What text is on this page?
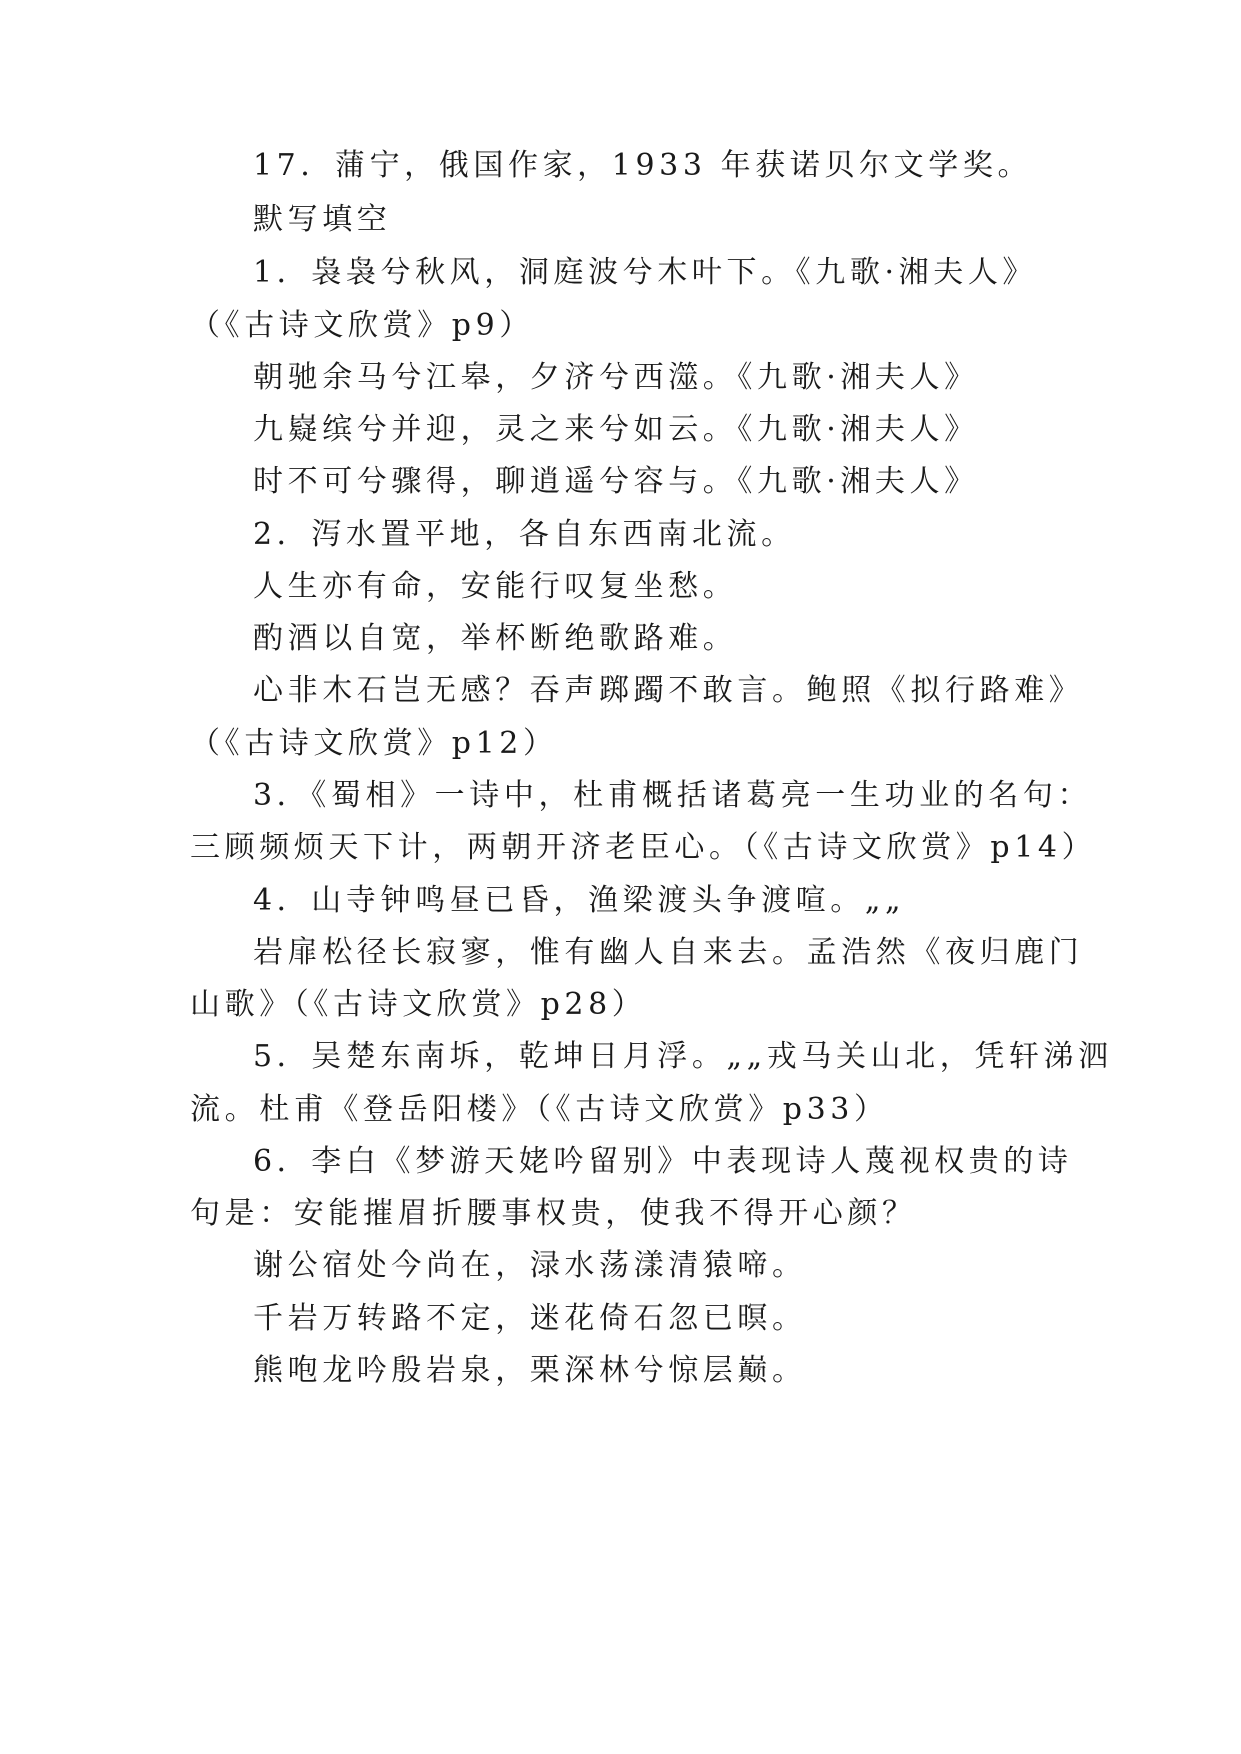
17．蒲宁，俄国作家，1933 年获诺贝尔文学奖。
默写填空
1．袅袅兮秋风，洞庭波兮木叶下。《九歌·湘夫人》
（《古诗文欣赏》p9）
朝驰余马兮江皋，夕济兮西澨。《九歌·湘夫人》
九嶷缤兮并迎，灵之来兮如云。《九歌·湘夫人》
时不可兮骤得，聊逍遥兮容与。《九歌·湘夫人》
2．泻水置平地，各自东西南北流。
人生亦有命，安能行叹复坐愁。
酌酒以自宽，举杯断绝歌路难。
心非木石岂无感？吞声踯躅不敢言。鲍照《拟行路难》
（《古诗文欣赏》p12）
3．《蜀相》一诗中，杜甫概括诸葛亮一生功业的名句：
三顾频烦天下计，两朝开济老臣心。（《古诗文欣赏》p14）
4．山寺钟鸣昼已昏，渔梁渡头争渡喧。„„
岩扉松径长寂寥，惟有幽人自来去。孟浩然《夜归鹿门
山歌》（《古诗文欣赏》p28）
5．吴楚东南坼，乾坤日月浮。„„戎马关山北，凭轩涕泗
流。杜甫《登岳阳楼》（《古诗文欣赏》p33）
6．李白《梦游天姥吟留别》中表现诗人蔑视权贵的诗
句是：安能摧眉折腰事权贵，使我不得开心颜？
谢公宿处今尚在，渌水荡漾清猿啼。
千岩万转路不定，迷花倚石忽已暝。
熊咆龙吟殷岩泉，栗深林兮惊层巅。
